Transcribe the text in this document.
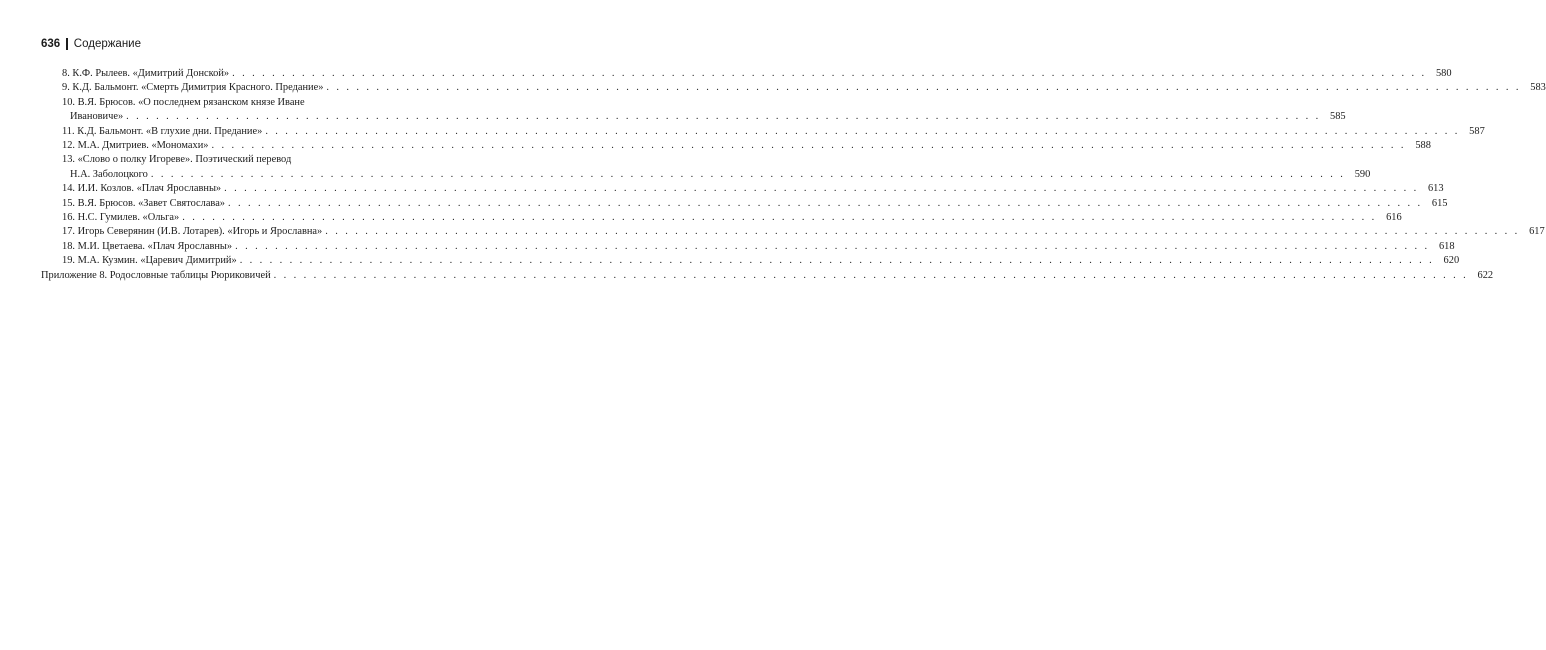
636 Содержание
8. К.Ф. Рылеев. «Димитрий Донской» . . . . . . . . . . . . . . . . . . . . . . . . . . . . . . . . . . . . . . . . . . . . . . . . . . . . . . . . . . . . . . . . . . . . . . . . . . . . . . . . . . . . . . . . . . . . . . . . . . . . . . . . . . . . . . . . . . . . . . . . 580
9. К.Д. Бальмонт. «Смерть Димитрия Красного. Предание» . . . . . . . . . . . . . . . . . . . . . . . . . . . . . . . . . . . . . . . . . . . . . . . . . . . . . . . . . . . . . . . . . . . . . . . . . . . . . . . . . . . . . . . . . . . . . . . . . . . . . . . . . . . . . . . . . . . . . . . . 583
10. В.Я. Брюсов. «О последнем рязанском князе Иване
Ивановиче» . . . . . . . . . . . . . . . . . . . . . . . . . . . . . . . . . . . . . . . . . . . . . . . . . . . . . . . . . . . . . . . . . . . . . . . . . . . . . . . . . . . . . . . . . . . . . . . . . . . . . . . . . . . . . . . . . . . . . . . . 585
11. К.Д. Бальмонт. «В глухие дни. Предание» . . . . . . . . . . . . . . . . . . . . . . . . . . . . . . . . . . . . . . . . . . . . . . . . . . . . . . . . . . . . . . . . . . . . . . . . . . . . . . . . . . . . . . . . . . . . . . . . . . . . . . . . . . . . . . . . . . . . . . . . 587
12. М.А. Дмитриев. «Мономахи» . . . . . . . . . . . . . . . . . . . . . . . . . . . . . . . . . . . . . . . . . . . . . . . . . . . . . . . . . . . . . . . . . . . . . . . . . . . . . . . . . . . . . . . . . . . . . . . . . . . . . . . . . . . . . . . . . . . . . . . . 588
13. «Слово о полку Игореве». Поэтический перевод
Н.А. Заболоцкого . . . . . . . . . . . . . . . . . . . . . . . . . . . . . . . . . . . . . . . . . . . . . . . . . . . . . . . . . . . . . . . . . . . . . . . . . . . . . . . . . . . . . . . . . . . . . . . . . . . . . . . . . . . . . . . . . . . . . . . . 590
14. И.И. Козлов. «Плач Ярославны» . . . . . . . . . . . . . . . . . . . . . . . . . . . . . . . . . . . . . . . . . . . . . . . . . . . . . . . . . . . . . . . . . . . . . . . . . . . . . . . . . . . . . . . . . . . . . . . . . . . . . . . . . . . . . . . . . . . . . . . . 613
15. В.Я. Брюсов. «Завет Святослава» . . . . . . . . . . . . . . . . . . . . . . . . . . . . . . . . . . . . . . . . . . . . . . . . . . . . . . . . . . . . . . . . . . . . . . . . . . . . . . . . . . . . . . . . . . . . . . . . . . . . . . . . . . . . . . . . . . . . . . . . 615
16. Н.С. Гумилев. «Ольга» . . . . . . . . . . . . . . . . . . . . . . . . . . . . . . . . . . . . . . . . . . . . . . . . . . . . . . . . . . . . . . . . . . . . . . . . . . . . . . . . . . . . . . . . . . . . . . . . . . . . . . . . . . . . . . . . . . . . . . . . 616
17. Игорь Северянин (И.В. Лотарев). «Игорь и Ярославна» . . . . . . . . . . . . . . . . . . . . . . . . . . . . . . . . . . . . . . . . . . . . . . . . . . . . . . . . . . . . . . . . . . . . . . . . . . . . . . . . . . . . . . . . . . . . . . . . . . . . . . . . . . . . . . . . . . . . . . . . 617
18. М.И. Цветаева. «Плач Ярославны» . . . . . . . . . . . . . . . . . . . . . . . . . . . . . . . . . . . . . . . . . . . . . . . . . . . . . . . . . . . . . . . . . . . . . . . . . . . . . . . . . . . . . . . . . . . . . . . . . . . . . . . . . . . . . . . . . . . . . . . . 618
19. М.А. Кузмин. «Царевич Димитрий» . . . . . . . . . . . . . . . . . . . . . . . . . . . . . . . . . . . . . . . . . . . . . . . . . . . . . . . . . . . . . . . . . . . . . . . . . . . . . . . . . . . . . . . . . . . . . . . . . . . . . . . . . . . . . . . . . . . . . . . . 620
Приложение 8. Родословные таблицы Рюриковичей . . . . . . . . . . . . . . . . . . . . . . . . . . . . . . . . . . . . . . . . . . . . . . . . . . . . . . . . . . . . . . . . . . . . . . . . . . . . . . . . . . . . . . . . . . . . . . . . . . . . . . . . . . . . . . . . . . . . . . . . 622
